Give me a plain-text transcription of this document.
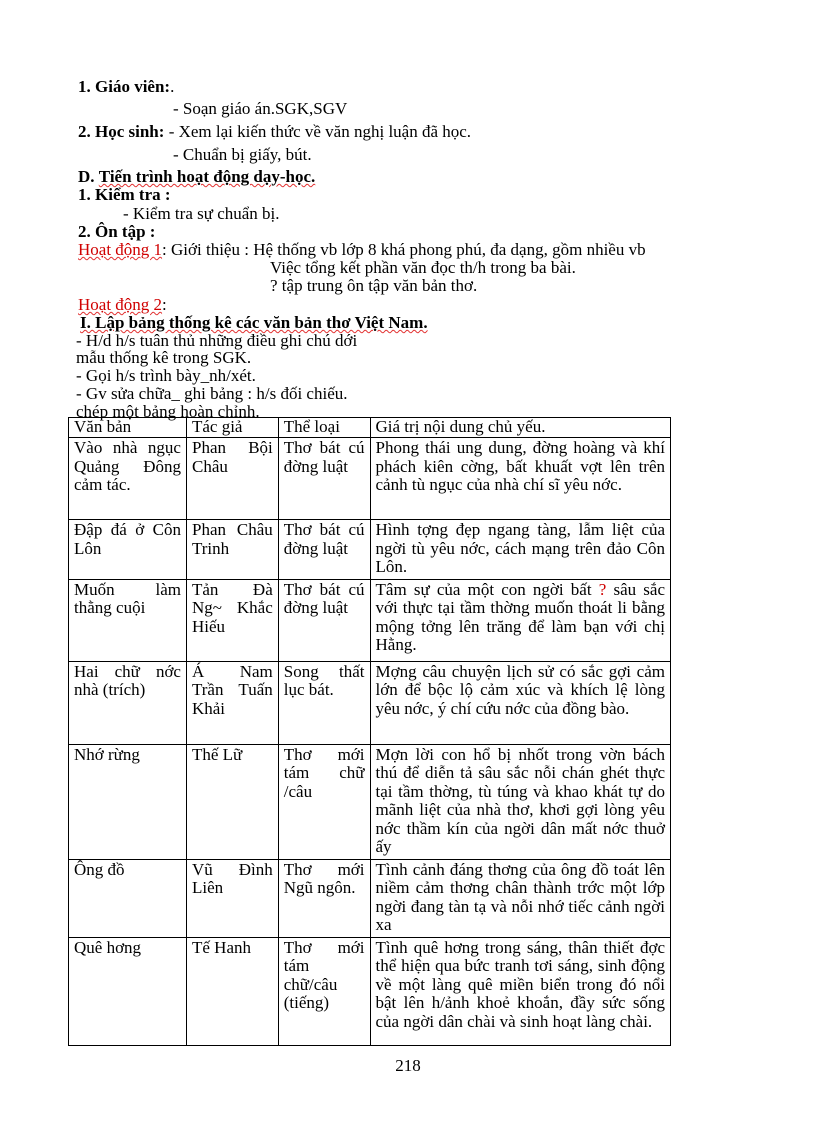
1. Giáo viên:.
- Soạn giáo án.SGK,SGV
2. Học sinh: - Xem lại kiến thức về văn nghị luận đã học.
- Chuẩn bị giấy, bút.
D. Tiến trình hoạt động dạy-học.
1. Kiểm tra :
- Kiểm tra sự chuẩn bị.
2. Ôn tập :
Hoạt động 1: Giới thiệu : Hệ thống vb lớp 8 khá phong phú, đa dạng, gồm nhiều vb
Việc tổng kết phần văn đọc th/h trong ba bài.
? tập trung ôn tập văn bản thơ.
Hoạt động 2:
I. Lập bảng thống kê các văn bản thơ Việt Nam.
- H/d h/s tuân thủ những điều ghi chú dới
mẫu thống kê trong SGK.
- Gọi h/s trình bày_nh/xét.
- Gv sửa chữa_ ghi bảng : h/s đối chiếu.
chép một bảng hoàn chỉnh.
Văn bản	Tác giả	Thể loại	Giá trị nội dung chủ yếu.
Vào nhà ngục Quảng Đông cảm tác.	Phan Bội Châu	Thơ bát cú đờng luật	Phong thái ung dung, đờng hoàng và khí phách kiên cờng, bất khuất vợt lên trên cảnh tù ngục của nhà chí sĩ yêu nớc.
Đập đá ở Côn Lôn	Phan Châu Trinh	Thơ bát cú đờng luật	Hình tợng đẹp ngang tàng, lẫm liệt của ngời tù yêu nớc, cách mạng trên đảo Côn Lôn.
Muốn làm thằng cuội	Tản Đà Ng~ Khắc Hiếu	Thơ bát cú đờng luật	Tâm sự của một con ngời bất ? sâu sắc với thực tại tầm thờng muốn thoát li bằng mộng tởng lên trăng để làm bạn với chị Hằng.
Hai chữ nớc nhà (trích)	Á Nam Trần Tuấn Khải	Song thất lục bát.	Mợng câu chuyện lịch sử có sắc gợi cảm lớn để bộc lộ cảm xúc và khích lệ lòng yêu nớc, ý chí cứu nớc của đồng bào.
Nhớ rừng	Thế Lữ	Thơ mới tám chữ /câu	Mợn lời con hổ bị nhốt trong vờn bách thú để diễn tả sâu sắc nỗi chán ghét thực tại tầm thờng, tù túng và khao khát tự do mãnh liệt của nhà thơ, khơi gợi lòng yêu nớc thầm kín của ngời dân mất nớc thuở ấy
Ông đồ	Vũ Đình Liên	Thơ mới Ngũ ngôn.	Tình cảnh đáng thơng của ông đồ toát lên niềm cảm thơng chân thành trớc một lớp ngời đang tàn tạ và nỗi nhớ tiếc cảnh ngời xa
Quê hơng	Tế Hanh	Thơ mới tám chữ/câu (tiếng)	Tình quê hơng trong sáng, thân thiết đợc thể hiện qua bức tranh tơi sáng, sinh động về một làng quê miền biển trong đó nổi bật lên h/ảnh khoẻ khoắn, đầy sức sống của ngời dân chài và sinh hoạt làng chài.
218
